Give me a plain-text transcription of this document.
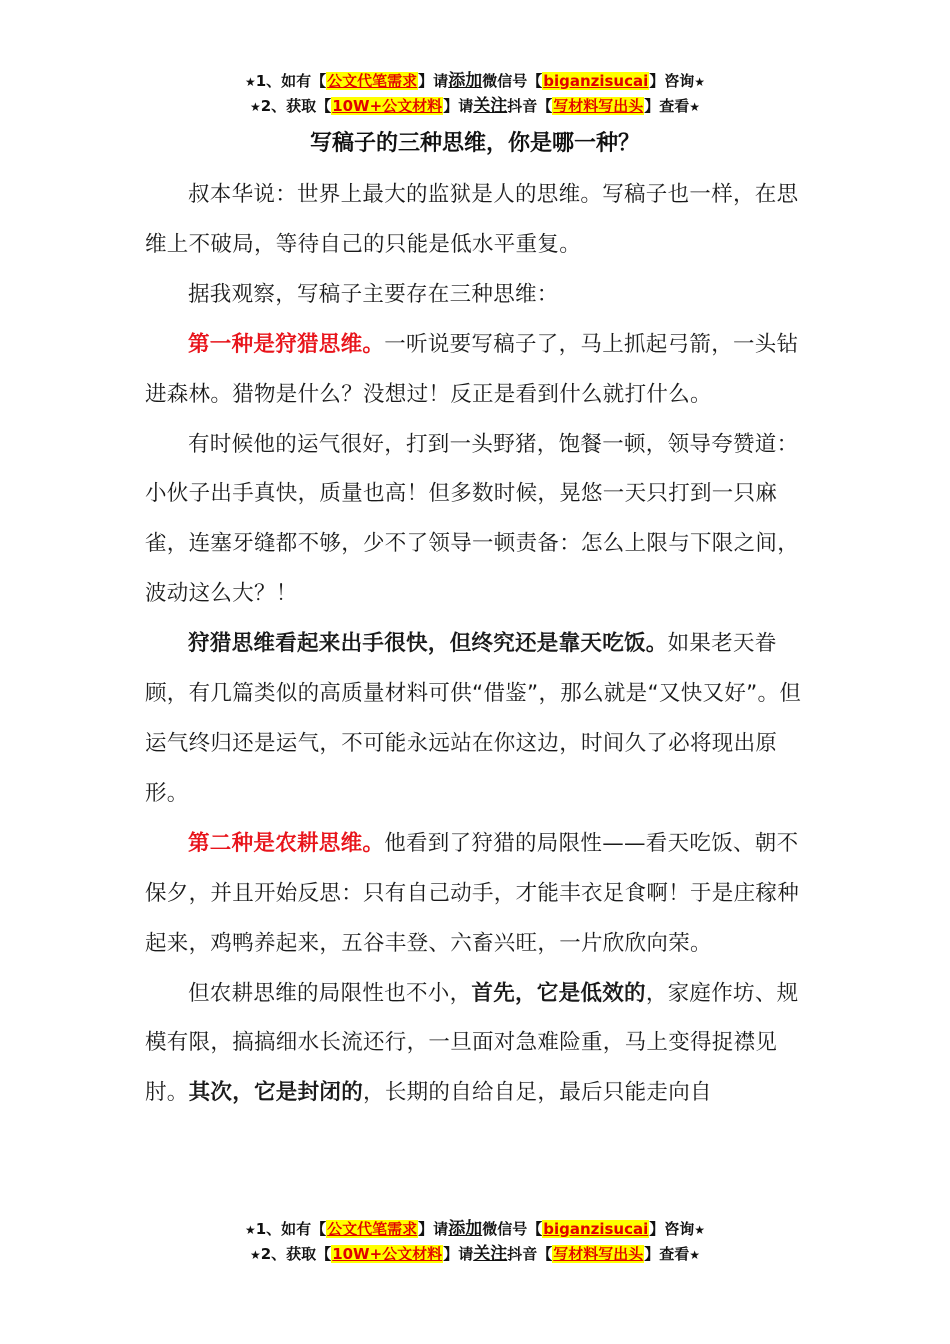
★1、如有【公文代笔需求】请添加微信号【biganzisucai】咨询★
★2、获取【10W+公文材料】请关注抖音【写材料写出头】查看★
写稿子的三种思维，你是哪一种？

叔本华说：世界上最大的监狱是人的思维。写稿子也一样，在思维上不破局，等待自己的只能是低水平重复。

据我观察，写稿子主要存在三种思维：

第一种是狩猎思维。一听说要写稿子了，马上抓起弓箭，一头钻进森林。猎物是什么？没想过！反正是看到什么就打什么。

有时候他的运气很好，打到一头野猪，饱餐一顿，领导夸赞道：小伙子出手真快，质量也高！但多数时候，晃悠一天只打到一只麻雀，连塞牙缝都不够，少不了领导一顿责备：怎么上限与下限之间，波动这么大？！

狩猎思维看起来出手很快，但终究还是靠天吃饭。如果老天眷顾，有几篇类似的高质量材料可供“借鉴”，那么就是“又快又好”。但运气终归还是运气，不可能永远站在你这边，时间久了必将现出原形。

第二种是农耕思维。他看到了狩猎的局限性——看天吃饭、朝不保夕，并且开始反思：只有自己动手，才能丰衣足食啊！于是庄稼种起来，鸡鸭养起来，五谷丰登、六畜兴旺，一片欣欣向荣。

但农耕思维的局限性也不小，首先，它是低效的，家庭作坊、规模有限，搞搞细水长流还行，一旦面对急难险重，马上变得捉襟见肘。其次，它是封闭的，长期的自给自足，最后只能走向自

★1、如有【公文代笔需求】请添加微信号【biganzisucai】咨询★
★2、获取【10W+公文材料】请关注抖音【写材料写出头】查看★
